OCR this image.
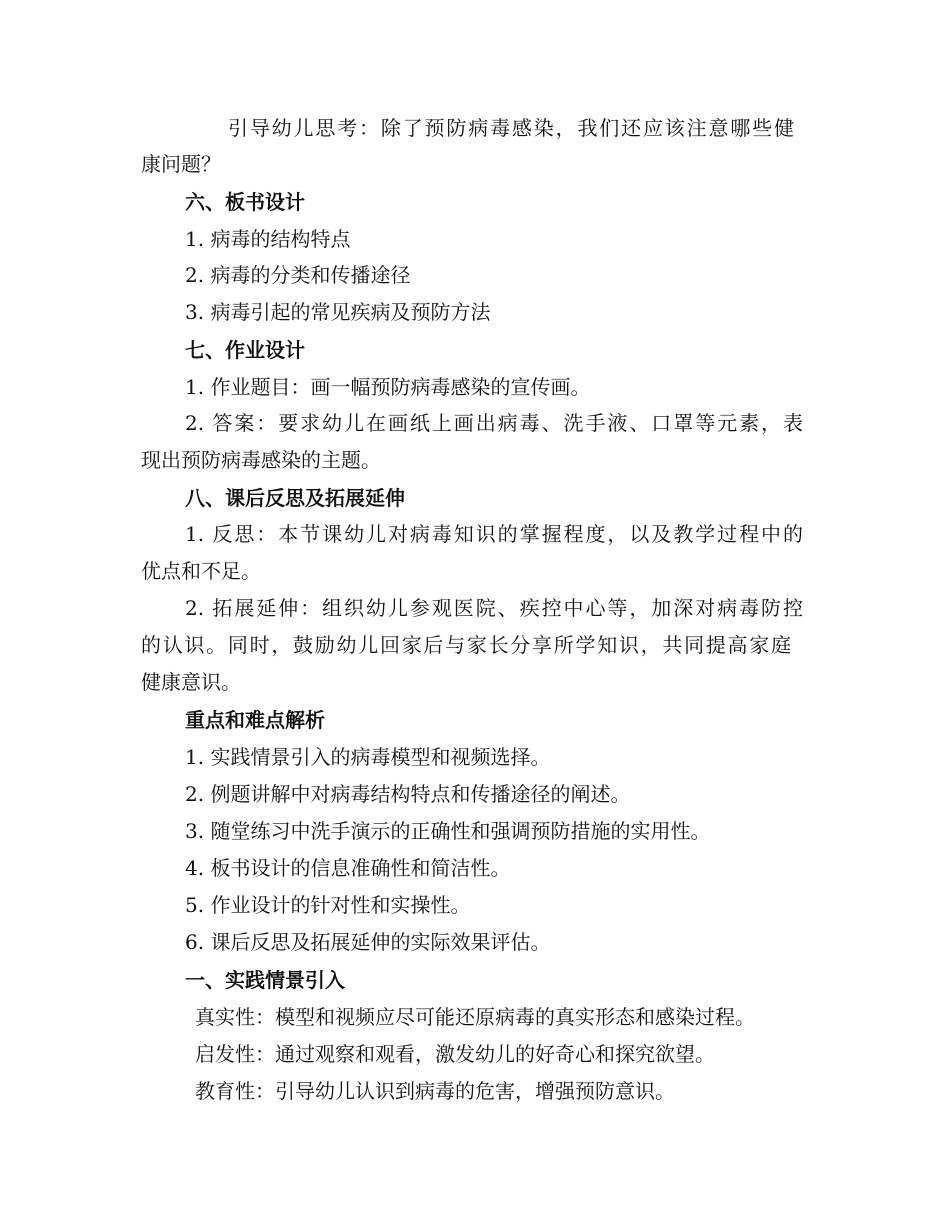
引导幼儿思考：除了预防病毒感染，我们还应该注意哪些健
康问题？
六、板书设计
1. 病毒的结构特点
2. 病毒的分类和传播途径
3. 病毒引起的常见疾病及预防方法
七、作业设计
1. 作业题目：画一幅预防病毒感染的宣传画。
2. 答案：要求幼儿在画纸上画出病毒、洗手液、口罩等元素，表
现出预防病毒感染的主题。
八、课后反思及拓展延伸
1. 反思：本节课幼儿对病毒知识的掌握程度，以及教学过程中的
优点和不足。
2. 拓展延伸：组织幼儿参观医院、疾控中心等，加深对病毒防控
的认识。同时，鼓励幼儿回家后与家长分享所学知识，共同提高家庭
健康意识。
重点和难点解析
1. 实践情景引入的病毒模型和视频选择。
2. 例题讲解中对病毒结构特点和传播途径的阐述。
3. 随堂练习中洗手演示的正确性和强调预防措施的实用性。
4. 板书设计的信息准确性和简洁性。
5. 作业设计的针对性和实操性。
6. 课后反思及拓展延伸的实际效果评估。
一、实践情景引入
真实性：模型和视频应尽可能还原病毒的真实形态和感染过程。
启发性：通过观察和观看，激发幼儿的好奇心和探究欲望。
教育性：引导幼儿认识到病毒的危害，增强预防意识。
